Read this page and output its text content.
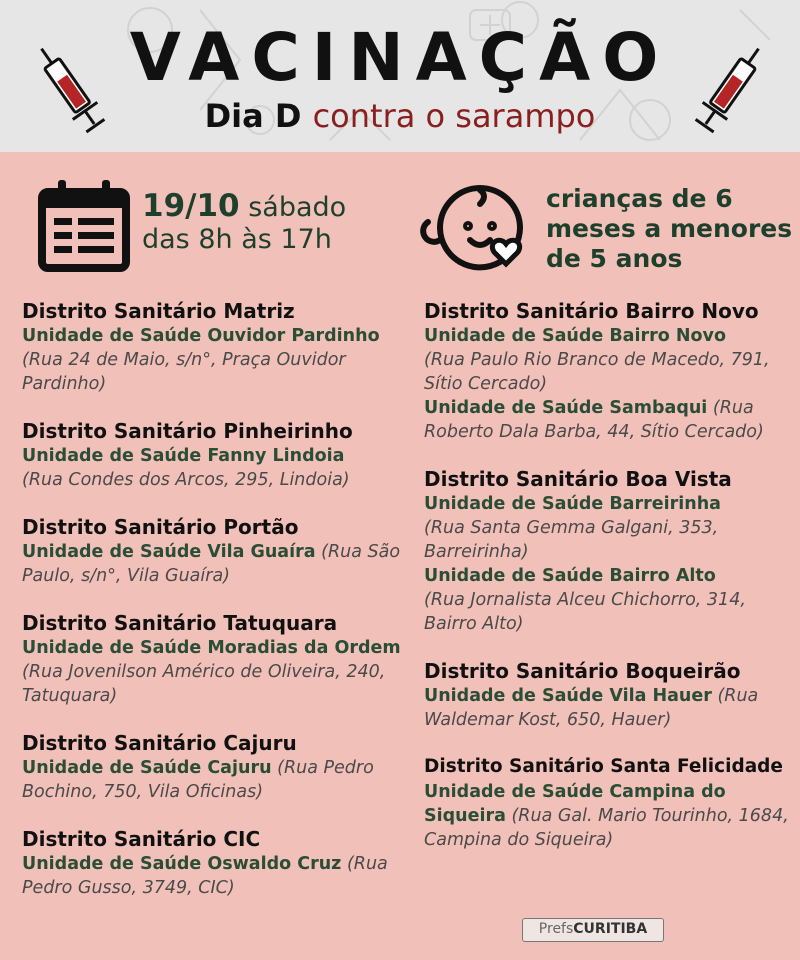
VACINAÇÃO
Dia D contra o sarampo
19/10 sábado
das 8h às 17h
crianças de 6
meses a menores
de 5 anos
Distrito Sanitário Matriz

Unidade de Saúde Ouvidor Pardinho
(Rua 24 de Maio, s/n°, Praça Ouvidor Pardinho)

Distrito Sanitário Pinheirinho

Unidade de Saúde Fanny Lindoia
(Rua Condes dos Arcos, 295, Lindoia)

Distrito Sanitário Portão

Unidade de Saúde Vila Guaíra (Rua São Paulo, s/n°, Vila Guaíra)

Distrito Sanitário Tatuquara

Unidade de Saúde Moradias da Ordem (Rua Jovenilson Américo de Oliveira, 240, Tatuquara)

Distrito Sanitário Cajuru

Unidade de Saúde Cajuru (Rua Pedro Bochino, 750, Vila Oficinas)

Distrito Sanitário CIC

Unidade de Saúde Oswaldo Cruz (Rua Pedro Gusso, 3749, CIC)

Distrito Sanitário Bairro Novo

Unidade de Saúde Bairro Novo
(Rua Paulo Rio Branco de Macedo, 791, Sítio Cercado)
Unidade de Saúde Sambaqui (Rua Roberto Dala Barba, 44, Sítio Cercado)

Distrito Sanitário Boa Vista

Unidade de Saúde Barreirinha
(Rua Santa Gemma Galgani, 353, Barreirinha)
Unidade de Saúde Bairro Alto
(Rua Jornalista Alceu Chichorro, 314, Bairro Alto)

Distrito Sanitário Boqueirão

Unidade de Saúde Vila Hauer (Rua Waldemar Kost, 650, Hauer)

Distrito Sanitário Santa Felicidade

Unidade de Saúde Campina do Siqueira (Rua Gal. Mario Tourinho, 1684, Campina do Siqueira)

PrefsCURITIBA
